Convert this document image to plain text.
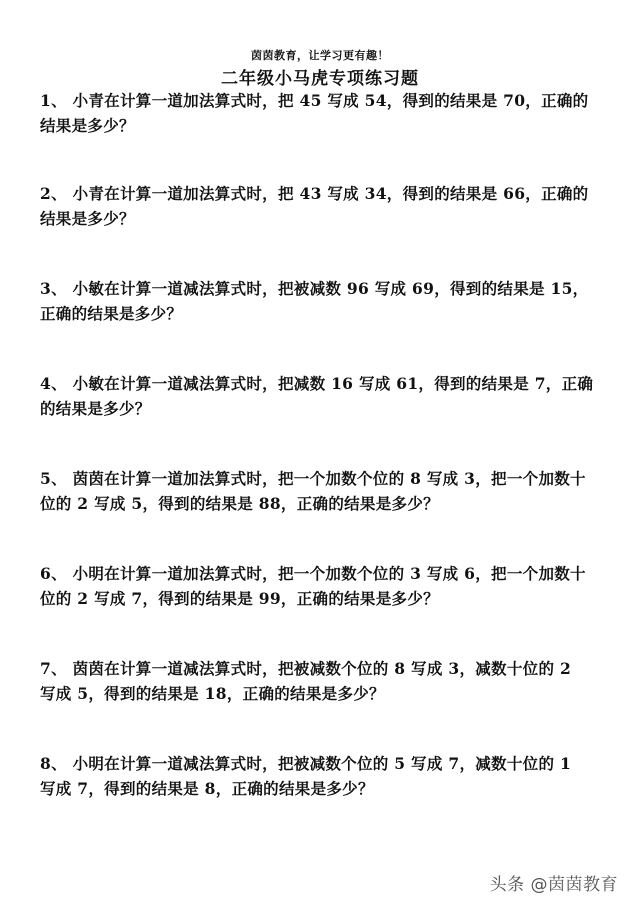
茵茵教育，让学习更有趣！
二年级小马虎专项练习题
1、 小青在计算一道加法算式时，把 45 写成 54，得到的结果是 70，正确的
结果是多少？
2、 小青在计算一道加法算式时，把 43 写成 34，得到的结果是 66，正确的
结果是多少？
3、 小敏在计算一道减法算式时，把被减数 96 写成 69，得到的结果是 15，
正确的结果是多少？
4、 小敏在计算一道减法算式时，把减数 16 写成 61，得到的结果是 7，正确
的结果是多少？
5、 茵茵在计算一道加法算式时，把一个加数个位的 8 写成 3，把一个加数十
位的 2 写成 5，得到的结果是 88，正确的结果是多少？
6、 小明在计算一道加法算式时，把一个加数个位的 3 写成 6，把一个加数十
位的 2 写成 7，得到的结果是 99，正确的结果是多少？
7、 茵茵在计算一道减法算式时，把被减数个位的 8 写成 3，减数十位的 2
写成 5，得到的结果是 18，正确的结果是多少？
8、 小明在计算一道减法算式时，把被减数个位的 5 写成 7，减数十位的 1
写成 7，得到的结果是 8，正确的结果是多少？
头条 @茵茵教育
